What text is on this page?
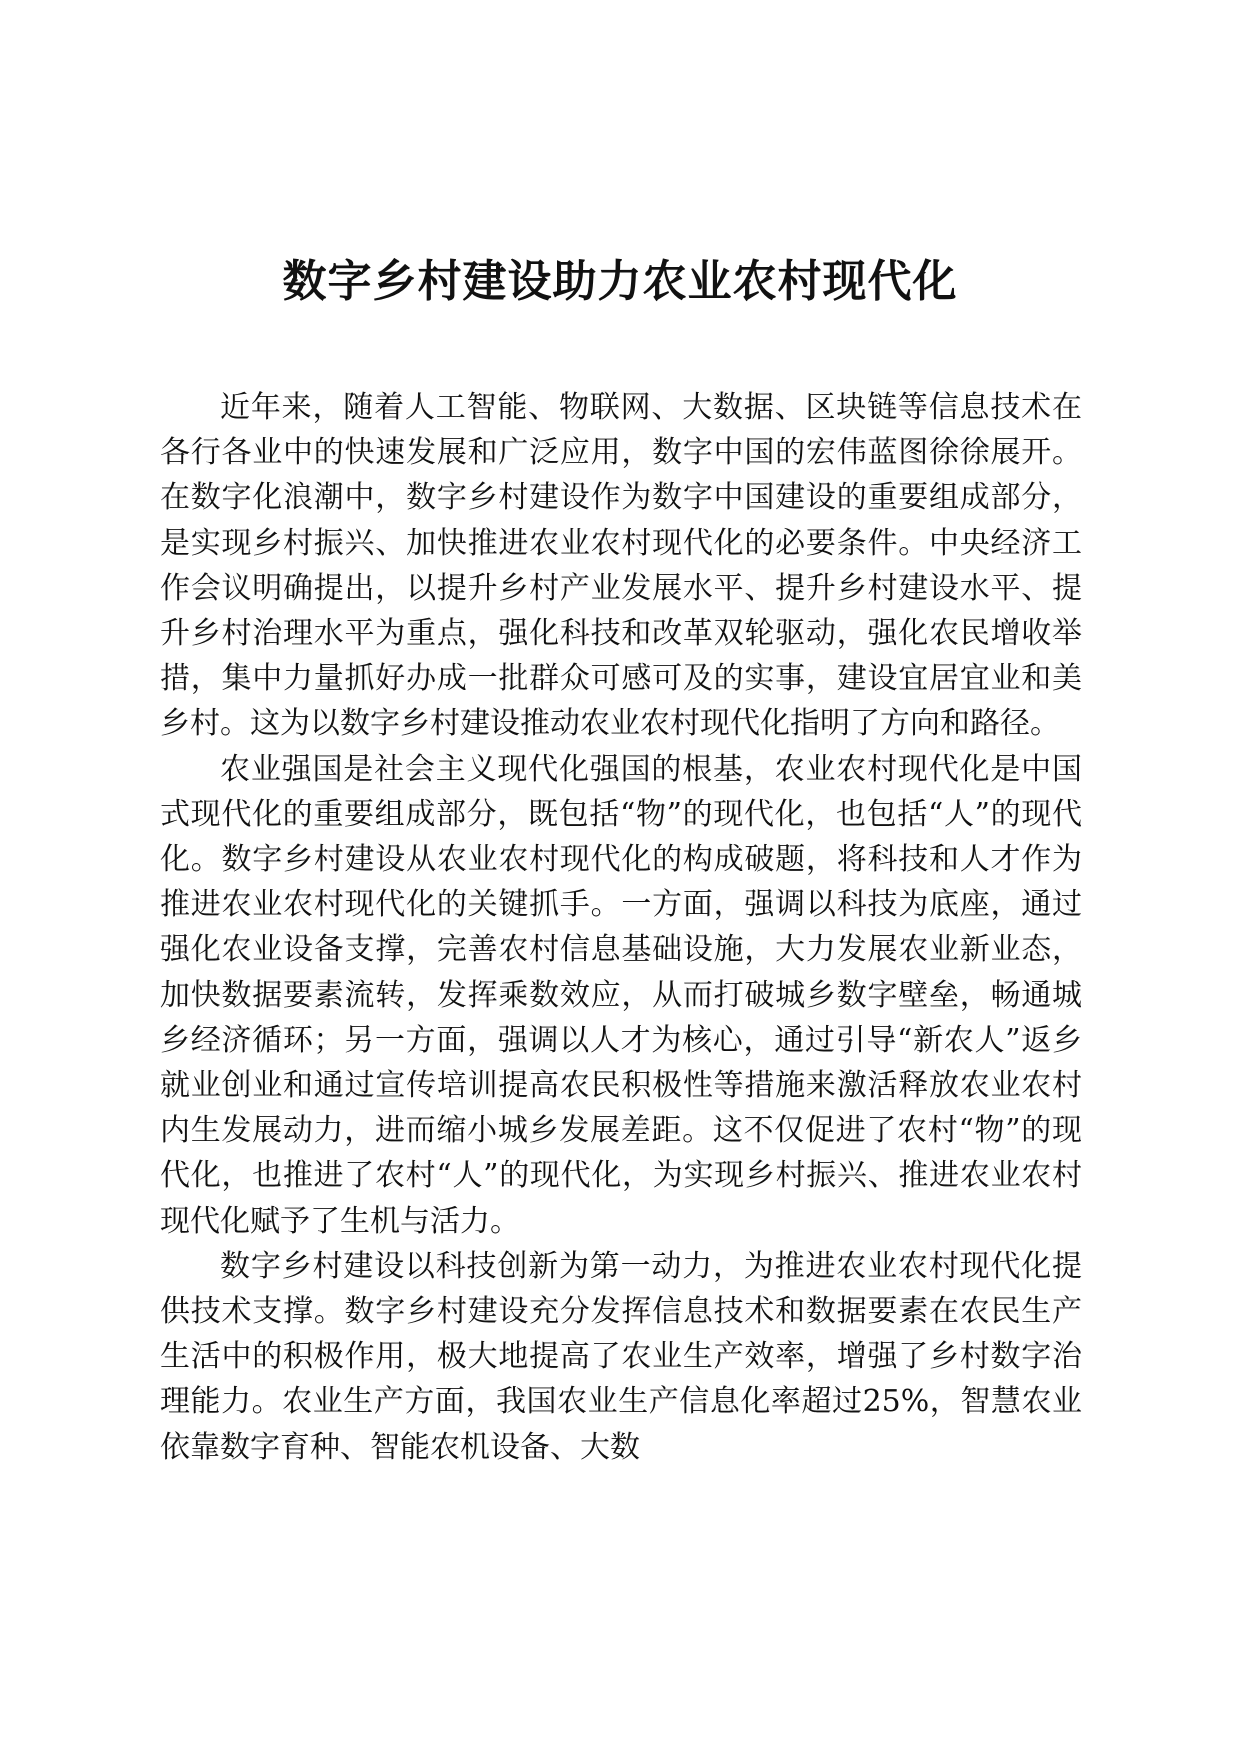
数字乡村建设助力农业农村现代化

近年来，随着人工智能、物联网、大数据、区块链等信息技术在各行各业中的快速发展和广泛应用，数字中国的宏伟蓝图徐徐展开。在数字化浪潮中，数字乡村建设作为数字中国建设的重要组成部分，是实现乡村振兴、加快推进农业农村现代化的必要条件。中央经济工作会议明确提出，以提升乡村产业发展水平、提升乡村建设水平、提升乡村治理水平为重点，强化科技和改革双轮驱动，强化农民增收举措，集中力量抓好办成一批群众可感可及的实事，建设宜居宜业和美乡村。这为以数字乡村建设推动农业农村现代化指明了方向和路径。

农业强国是社会主义现代化强国的根基，农业农村现代化是中国式现代化的重要组成部分，既包括“物”的现代化，也包括“人”的现代化。数字乡村建设从农业农村现代化的构成破题，将科技和人才作为推进农业农村现代化的关键抓手。一方面，强调以科技为底座，通过强化农业设备支撑，完善农村信息基础设施，大力发展农业新业态，加快数据要素流转，发挥乘数效应，从而打破城乡数字壁垒，畅通城乡经济循环；另一方面，强调以人才为核心，通过引导“新农人”返乡就业创业和通过宣传培训提高农民积极性等措施来激活释放农业农村内生发展动力，进而缩小城乡发展差距。这不仅促进了农村“物”的现代化，也推进了农村“人”的现代化，为实现乡村振兴、推进农业农村现代化赋予了生机与活力。

数字乡村建设以科技创新为第一动力，为推进农业农村现代化提供技术支撑。数字乡村建设充分发挥信息技术和数据要素在农民生产生活中的积极作用，极大地提高了农业生产效率，增强了乡村数字治理能力。农业生产方面，我国农业生产信息化率超过25%，智慧农业依靠数字育种、智能农机设备、大数
